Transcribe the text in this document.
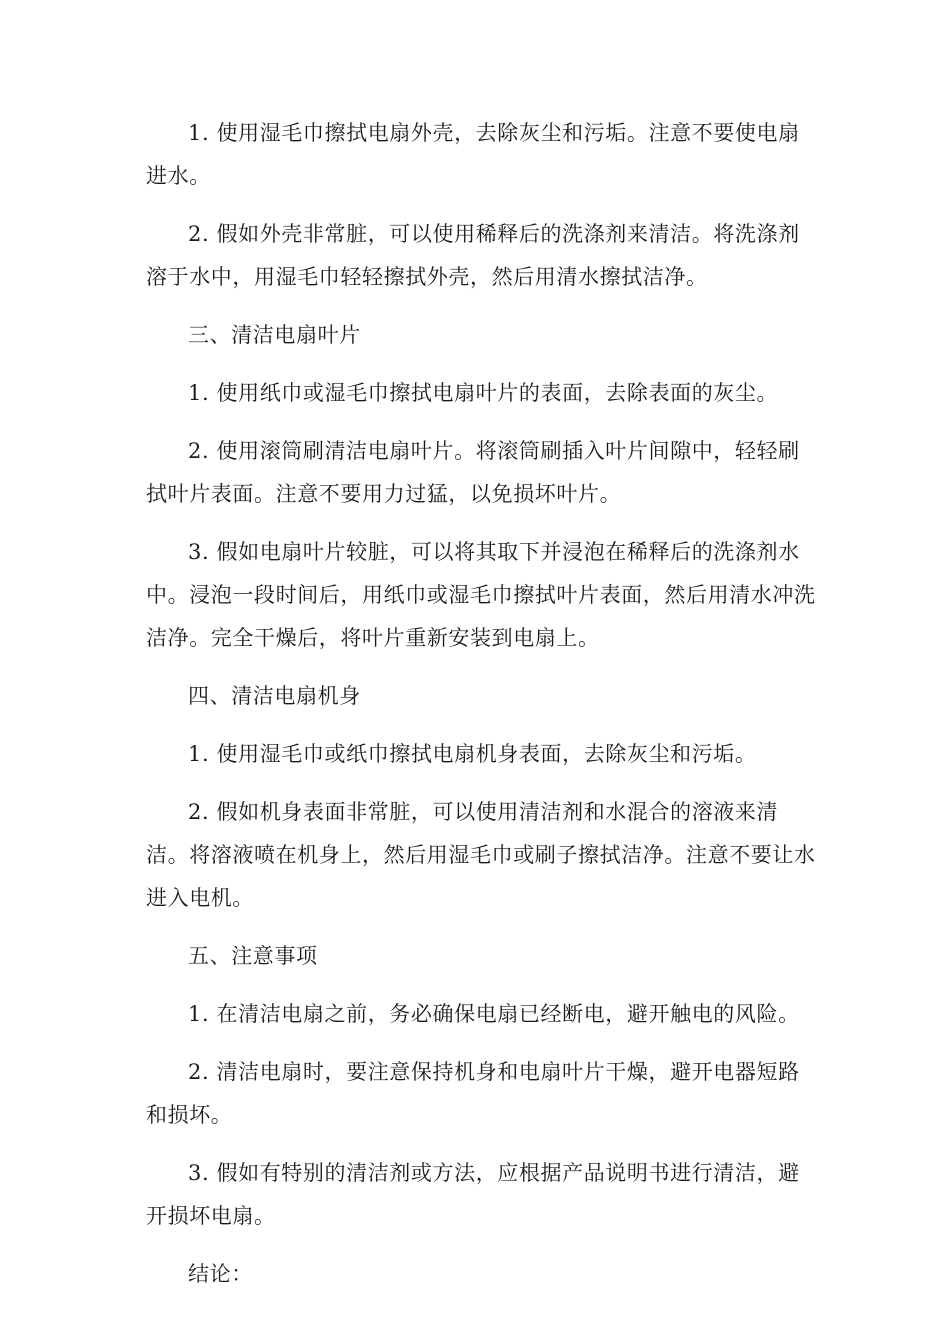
1. 使用湿毛巾擦拭电扇外壳，去除灰尘和污垢。注意不要使电扇进水。

2. 假如外壳非常脏，可以使用稀释后的洗涤剂来清洁。将洗涤剂溶于水中，用湿毛巾轻轻擦拭外壳，然后用清水擦拭洁净。

三、清洁电扇叶片

1. 使用纸巾或湿毛巾擦拭电扇叶片的表面，去除表面的灰尘。

2. 使用滚筒刷清洁电扇叶片。将滚筒刷插入叶片间隙中，轻轻刷拭叶片表面。注意不要用力过猛，以免损坏叶片。

3. 假如电扇叶片较脏，可以将其取下并浸泡在稀释后的洗涤剂水中。浸泡一段时间后，用纸巾或湿毛巾擦拭叶片表面，然后用清水冲洗洁净。完全干燥后，将叶片重新安装到电扇上。

四、清洁电扇机身

1. 使用湿毛巾或纸巾擦拭电扇机身表面，去除灰尘和污垢。

2. 假如机身表面非常脏，可以使用清洁剂和水混合的溶液来清洁。将溶液喷在机身上，然后用湿毛巾或刷子擦拭洁净。注意不要让水进入电机。

五、注意事项

1. 在清洁电扇之前，务必确保电扇已经断电，避开触电的风险。

2. 清洁电扇时，要注意保持机身和电扇叶片干燥，避开电器短路和损坏。

3. 假如有特别的清洁剂或方法，应根据产品说明书进行清洁，避开损坏电扇。

结论：
